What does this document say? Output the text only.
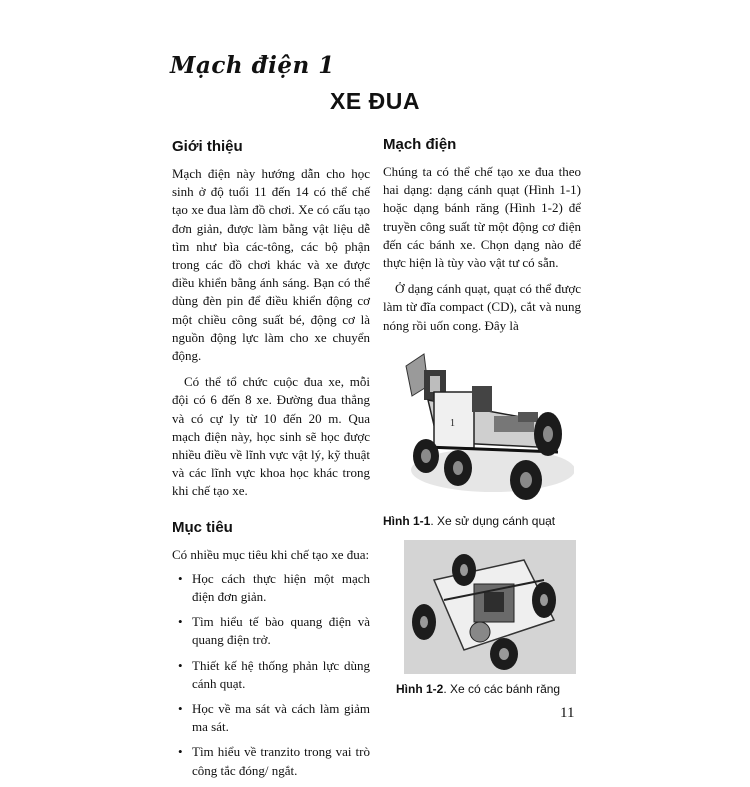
Mạch điện 1
XE ĐUA
Giới thiệu

Mạch điện này hướng dẫn cho học sinh ở độ tuổi 11 đến 14 có thể chế tạo xe đua làm đồ chơi. Xe có cấu tạo đơn giản, được làm bằng vật liệu dễ tìm như bìa các-tông, các bộ phận trong các đồ chơi khác và xe được điều khiển bằng ánh sáng. Bạn có thể dùng đèn pin để điều khiển động cơ một chiều công suất bé, động cơ là nguồn động lực làm cho xe chuyển động.

Có thể tổ chức cuộc đua xe, mỗi đội có 6 đến 8 xe. Đường đua thẳng và có cự ly từ 10 đến 20 m. Qua mạch điện này, học sinh sẽ học được nhiều điều về lĩnh vực vật lý, kỹ thuật và các lĩnh vực khoa học khác trong khi chế tạo xe.

Mục tiêu

Có nhiều mục tiêu khi chế tạo xe đua:

• Học cách thực hiện một mạch điện đơn giản.
• Tìm hiểu tế bào quang điện và quang điện trở.
• Thiết kế hệ thống phản lực dùng cánh quạt.
• Học về ma sát và cách làm giảm ma sát.
• Tìm hiểu về tranzito trong vai trò công tắc đóng/ ngắt.
Mạch điện

Chúng ta có thể chế tạo xe đua theo hai dạng: dạng cánh quạt (Hình 1-1) hoặc dạng bánh răng (Hình 1-2) để truyền công suất từ một động cơ điện đến các bánh xe. Chọn dạng nào để thực hiện là tùy vào vật tư có sẵn.

Ở dạng cánh quạt, quạt có thể được làm từ đĩa compact (CD), cắt và nung nóng rồi uốn cong. Đây là

1
Hình 1-1. Xe sử dụng cánh quạt
Hình 1-2. Xe có các bánh răng
11
